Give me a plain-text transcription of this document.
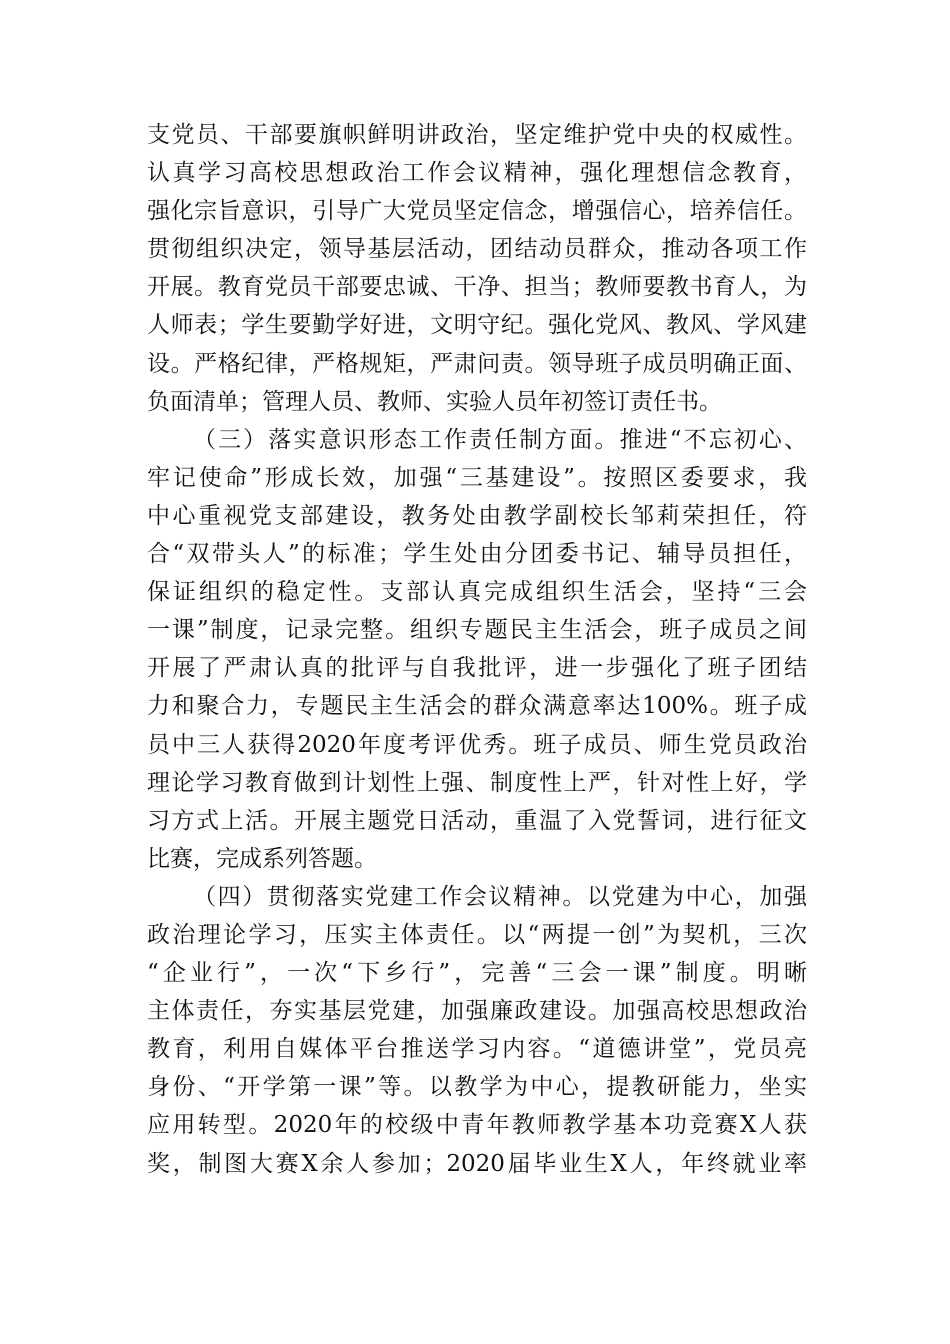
支党员、干部要旗帜鲜明讲政治，坚定维护党中央的权威性。
认真学习高校思想政治工作会议精神，强化理想信念教育，
强化宗旨意识，引导广大党员坚定信念，增强信心，培养信任。
贯彻组织决定，领导基层活动，团结动员群众，推动各项工作
开展。教育党员干部要忠诚、干净、担当；教师要教书育人，为
人师表；学生要勤学好进，文明守纪。强化党风、教风、学风建
设。严格纪律，严格规矩，严肃问责。领导班子成员明确正面、
负面清单；管理人员、教师、实验人员年初签订责任书。
（三）落实意识形态工作责任制方面。推进“不忘初心、
牢记使命”形成长效，加强“三基建设”。按照区委要求，我
中心重视党支部建设，教务处由教学副校长邹莉荣担任，符
合“双带头人”的标准；学生处由分团委书记、辅导员担任，
保证组织的稳定性。支部认真完成组织生活会，坚持“三会
一课”制度，记录完整。组织专题民主生活会，班子成员之间
开展了严肃认真的批评与自我批评，进一步强化了班子团结
力和聚合力，专题民主生活会的群众满意率达100%。班子成
员中三人获得2020年度考评优秀。班子成员、师生党员政治
理论学习教育做到计划性上强、制度性上严，针对性上好，学
习方式上活。开展主题党日活动，重温了入党誓词，进行征文
比赛，完成系列答题。
（四）贯彻落实党建工作会议精神。以党建为中心，加强
政治理论学习，压实主体责任。以“两提一创”为契机，三次
“企业行”，一次“下乡行”，完善“三会一课”制度。明晰
主体责任，夯实基层党建，加强廉政建设。加强高校思想政治
教育，利用自媒体平台推送学习内容。“道德讲堂”，党员亮
身份、“开学第一课”等。以教学为中心，提教研能力，坐实
应用转型。2020年的校级中青年教师教学基本功竞赛X人获
奖，制图大赛X余人参加；2020届毕业生X人，年终就业率
